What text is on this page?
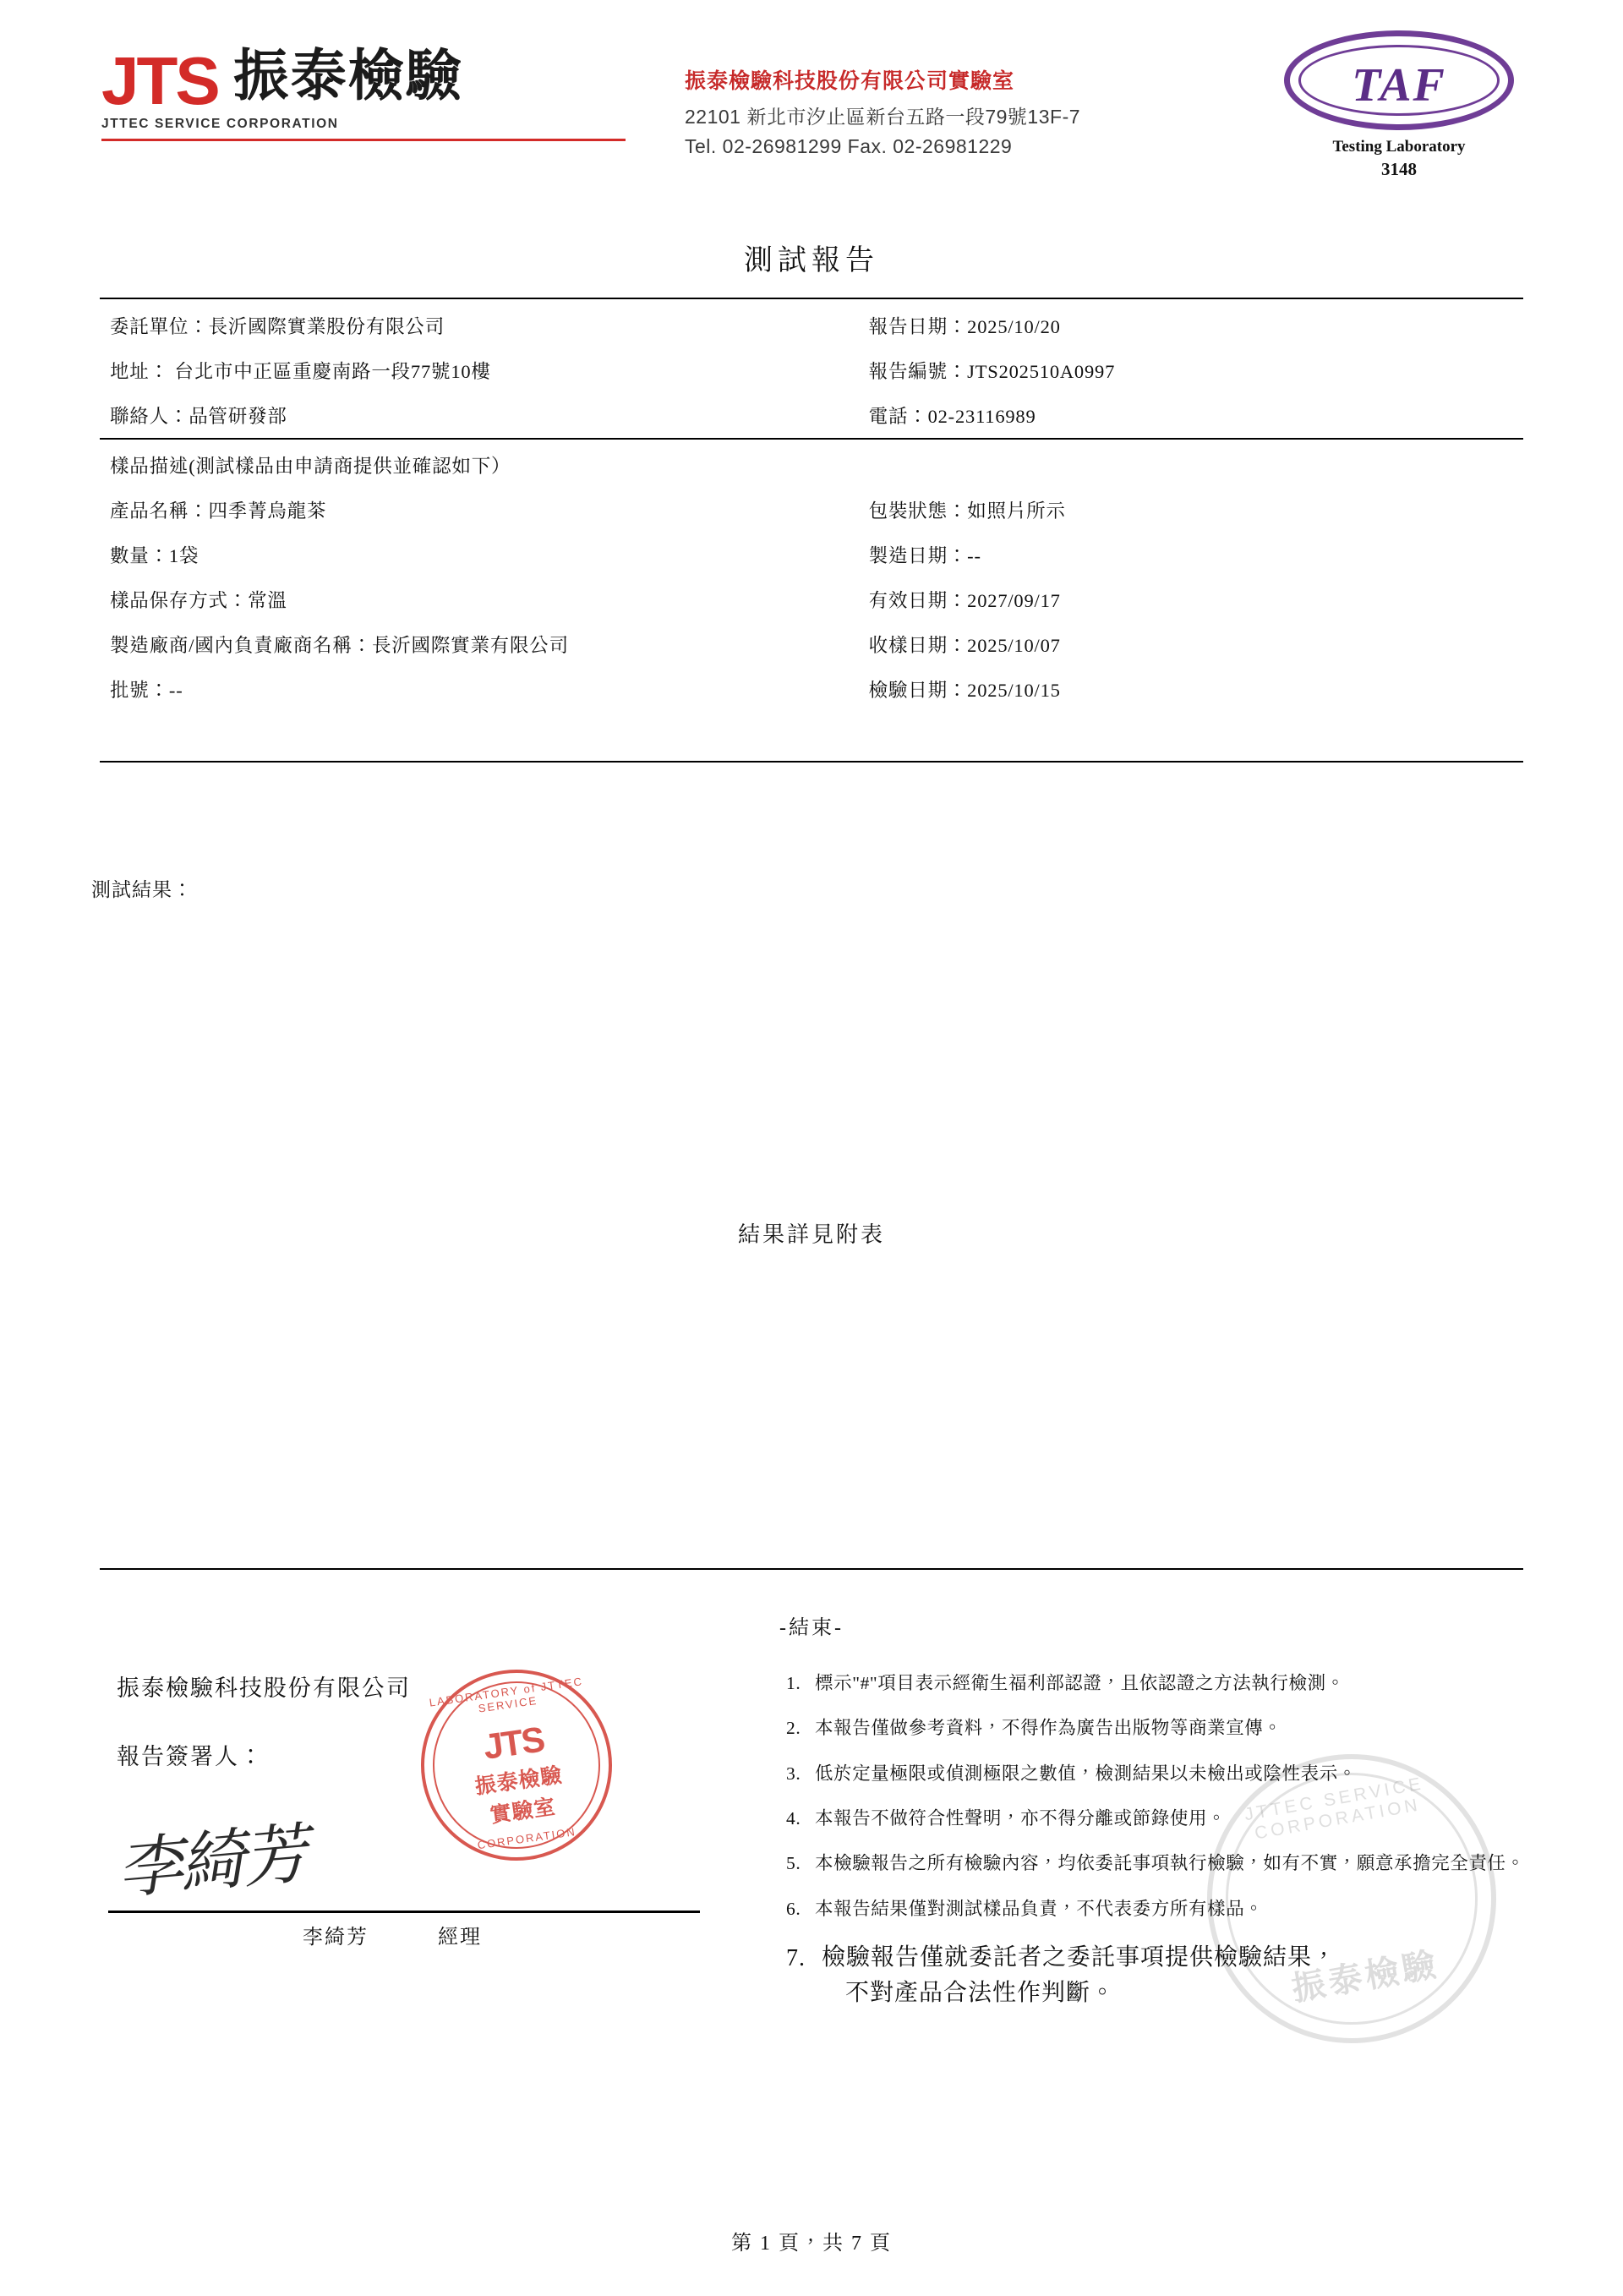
JTS 振泰檢驗
JTTEC SERVICE CORPORATION
振泰檢驗科技股份有限公司實驗室
22101 新北市汐止區新台五路一段79號13F-7
Tel. 02-26981299 Fax. 02-26981229
TAF
Testing Laboratory
3148
測試報告
委託單位：長沂國際實業股份有限公司	報告日期：2025/10/20
地址： 台北市中正區重慶南路一段77號10樓	報告編號：JTS202510A0997
聯絡人：品管研發部	電話：02-23116989
樣品描述(測試樣品由申請商提供並確認如下）
產品名稱：四季菁烏龍茶	包裝狀態：如照片所示
數量：1袋	製造日期：--
樣品保存方式：常溫	有效日期：2027/09/17
製造廠商/國內負責廠商名稱：長沂國際實業有限公司	收樣日期：2025/10/07
批號：--	檢驗日期：2025/10/15
測試結果：
結果詳見附表
-結束-
振泰檢驗科技股份有限公司
報告簽署人：
李綺芳
李綺芳	經理
LABORATORY of JTTEC SERVICE
JTS
振泰檢驗
實驗室
CORPORATION
JTTEC SERVICE CORPORATION
振泰檢驗
1. 標示"#"項目表示經衛生福利部認證，且依認證之方法執行檢測。
2. 本報告僅做參考資料，不得作為廣告出版物等商業宣傳。
3. 低於定量極限或偵測極限之數值，檢測結果以未檢出或陰性表示。
4. 本報告不做符合性聲明，亦不得分離或節錄使用。
5. 本檢驗報告之所有檢驗內容，均依委託事項執行檢驗，如有不實，願意承擔完全責任。
6. 本報告結果僅對測試樣品負責，不代表委方所有樣品。
7. 檢驗報告僅就委託者之委託事項提供檢驗結果，
不對產品合法性作判斷。
第 1 頁，共 7 頁
